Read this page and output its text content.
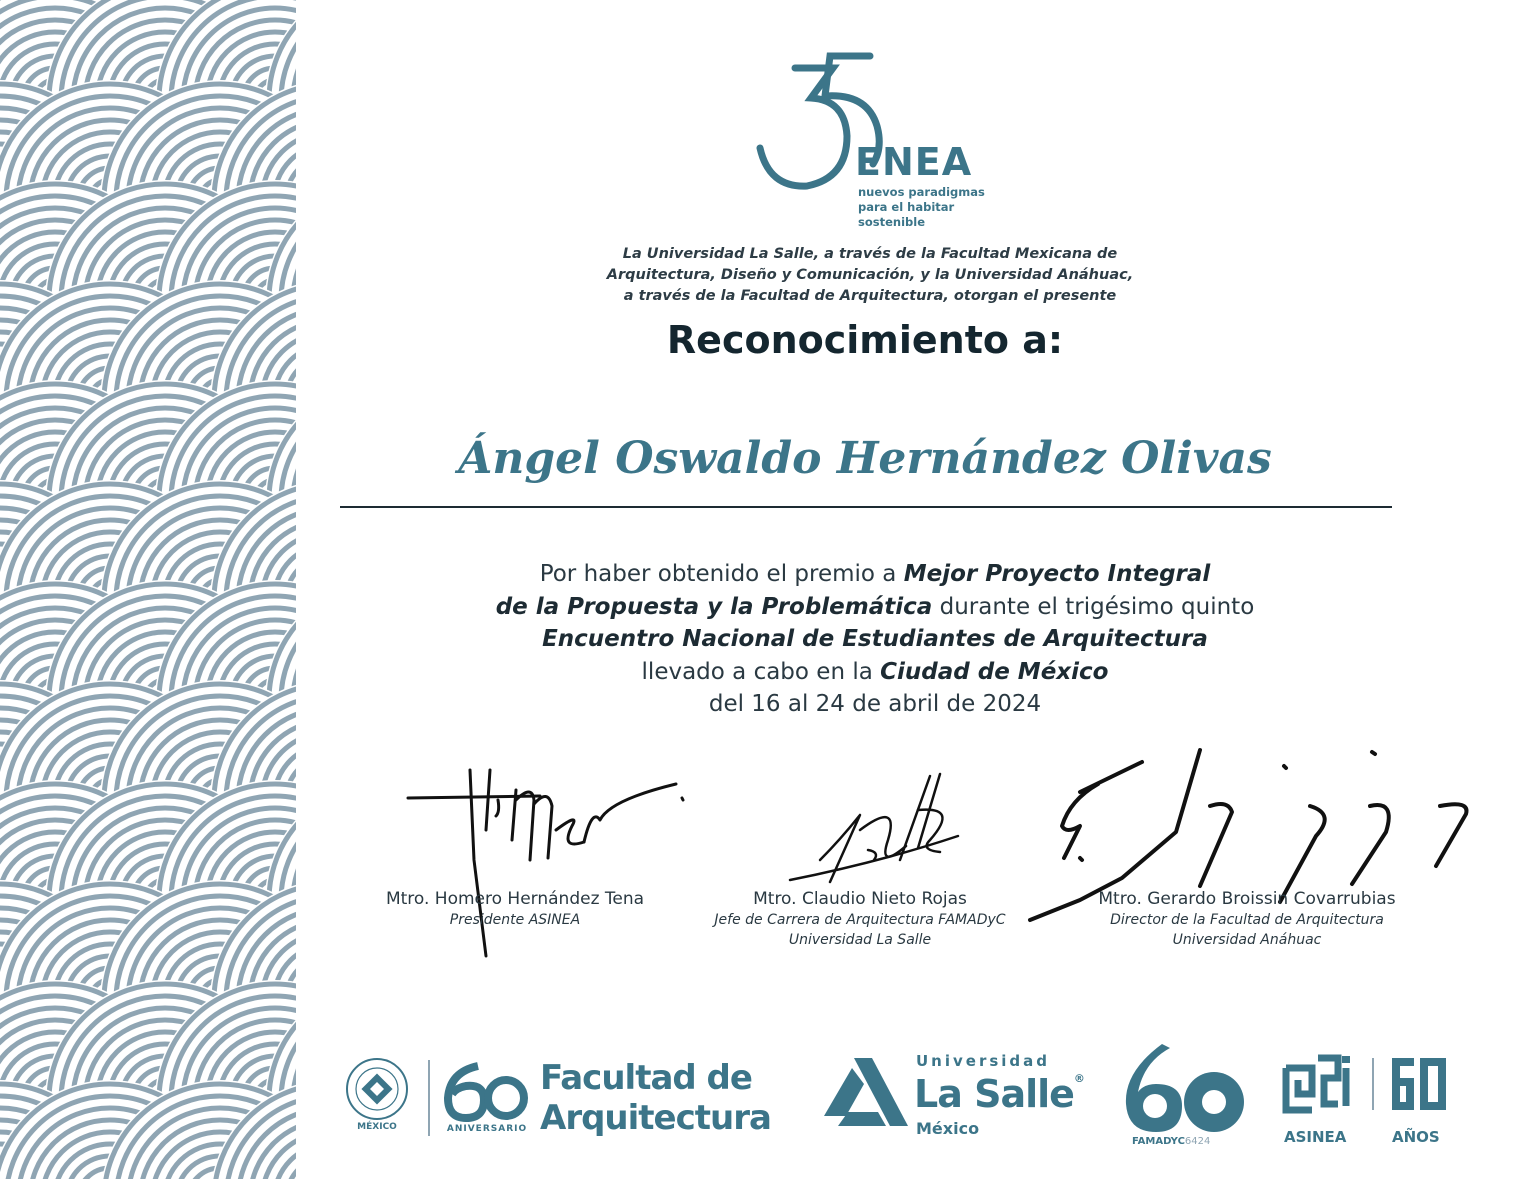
ENEA
nuevos paradigmas
para el habitar sostenible
La Universidad La Salle, a través de la Facultad Mexicana de
Arquitectura, Diseño y Comunicación, y la Universidad Anáhuac,
a través de la Facultad de Arquitectura, otorgan el presente
Reconocimiento a:
Ángel Oswaldo Hernández Olivas
Por haber obtenido el premio a Mejor Proyecto Integral
de la Propuesta y la Problemática durante el trigésimo quinto
Encuentro Nacional de Estudiantes de Arquitectura
llevado a cabo en la Ciudad de México
del 16 al 24 de abril de 2024
Mtro. Homero Hernández Tena
Presidente ASINEA
Mtro. Claudio Nieto Rojas
Jefe de Carrera de Arquitectura FAMADyC
Universidad La Salle
Mtro. Gerardo Broissin Covarrubias
Director de la Facultad de Arquitectura
Universidad Anáhuac
MÉXICO	ANIVERSARIO
Facultad de
Arquitectura
Universidad
La Salle®
México
FAMADYC6424	ASINEA	AÑOS
